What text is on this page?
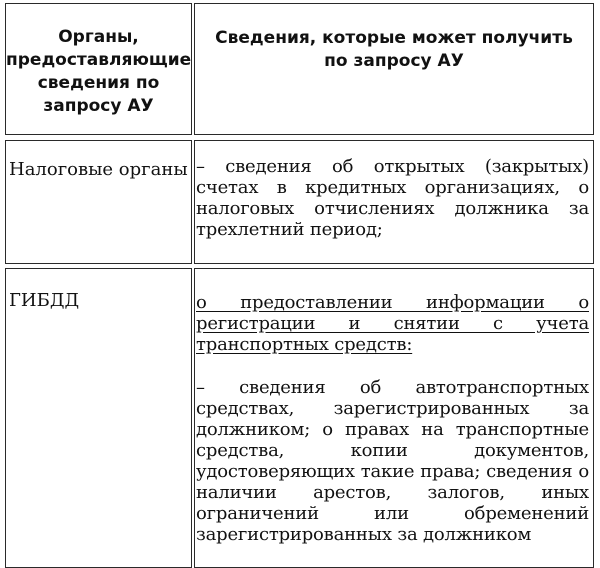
Органы, предоставляющие сведения по запросу АУ

Сведения, которые может получить по запросу АУ

Налоговые органы – сведения об открытых (закрытых) счетах в кредитных организациях, о налоговых отчислениях должника за трехлетний период;

ГИБДД	о предоставлении информации о регистрации и снятии с учета транспортных средств:

– сведения об автотранспортных средствах, зарегистрированных за должником; о правах на транспортные средства, копии документов, удостоверяющих такие права; сведения о наличии арестов, залогов, иных ограничений или обременений зарегистрированных за должником
